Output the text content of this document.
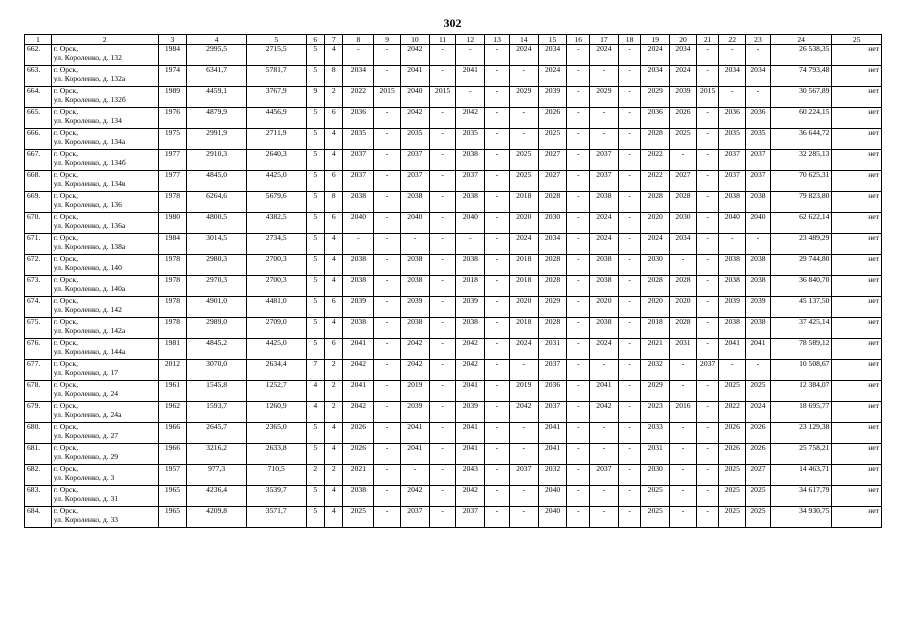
302
1	2	3	4	5	6	7	8	9	10	11	12	13	14	15	16	17	18	19	20	21	22	23	24	25
662.	г. Орск,
ул. Короленко, д. 132	1984	2995,5	2715,5	5	4	-	-	2042	-	-	-	2024	2034	-	2024	-	2024	2034	-	-	-	26 538,35	нет
663.	г. Орск,
ул. Короленко, д. 132а	1974	6341,7	5781,7	5	8	2034	-	2041	-	2041	-	-	2024	-	-	-	2034	2024	-	2034	2034	74 793,48	нет
664.	г. Орск,
ул. Короленко, д. 132б	1989	4459,1	3767,9	9	2	2022	2015	2040	2015	-	-	2029	2039	-	2029	-	2029	2039	2015	-	-	30 567,89	нет
665.	г. Орск,
ул. Короленко, д. 134	1976	4879,9	4456,9	5	6	2036	-	2042	-	2042	-	-	2026	-	-	-	2036	2026	-	2036	2036	60 224,15	нет
666.	г. Орск,
ул. Короленко, д. 134а	1975	2991,9	2711,9	5	4	2035	-	2035	-	2035	-	-	2025	-	-	-	2028	2025	-	2035	2035	36 644,72	нет
667.	г. Орск,
ул. Короленко, д. 134б	1977	2910,3	2640,3	5	4	2037	-	2037	-	2038	-	2025	2027	-	2037	-	2022	-	-	2037	2037	32 285,13	нет
668.	г. Орск,
ул. Короленко, д. 134в	1977	4845,0	4425,0	5	6	2037	-	2037	-	2037	-	2025	2027	-	2037	-	2022	2027	-	2037	2037	70 625,31	нет
669.	г. Орск,
ул. Короленко, д. 136	1978	6264,6	5679,6	5	8	2038	-	2038	-	2038	-	2018	2028	-	2038	-	2028	2028	-	2038	2038	79 823,80	нет
670.	г. Орск,
ул. Короленко, д. 136а	1980	4800,5	4382,5	5	6	2040	-	2040	-	2040	-	2020	2030	-	2024	-	2020	2030	-	2040	2040	62 622,14	нет
671.	г. Орск,
ул. Короленко, д. 138а	1984	3014,5	2734,5	5	4	-	-	-	-	-	-	2024	2034	-	2024	-	2024	2034	-	-	-	23 489,29	нет
672.	г. Орск,
ул. Короленко, д. 140	1978	2980,3	2700,3	5	4	2038	-	2038	-	2038	-	2018	2028	-	2038	-	2030	-	-	2038	2038	29 744,80	нет
673.	г. Орск,
ул. Короленко, д. 140а	1978	2970,3	2700,3	5	4	2038	-	2038	-	2018	-	2018	2028	-	2038	-	2028	2028	-	2038	2038	36 840,70	нет
674.	г. Орск,
ул. Короленко, д. 142	1978	4901,0	4481,0	5	6	2039	-	2039	-	2039	-	2020	2029	-	2020	-	2020	2020	-	2039	2039	45 137,50	нет
675.	г. Орск,
ул. Короленко, д. 142а	1978	2989,0	2709,0	5	4	2038	-	2038	-	2038	-	2018	2028	-	2038	-	2018	2028	-	2038	2038	37 425,14	нет
676.	г. Орск,
ул. Короленко, д. 144а	1981	4845,2	4425,0	5	6	2041	-	2042	-	2042	-	2024	2031	-	2024	-	2021	2031	-	2041	2041	78 589,12	нет
677.	г. Орск,
ул. Короленко, д. 17	2012	3070,0	2634,4	7	2	2042	-	2042	-	2042	-	-	2037	-	-	-	2032	-	2037	-	-	10 508,67	нет
678.	г. Орск,
ул. Короленко, д. 24	1961	1545,8	1252,7	4	2	2041	-	2019	-	2041	-	2019	2036	-	2041	-	2029	-	-	2025	2025	12 384,07	нет
679.	г. Орск,
ул. Короленко, д. 24а	1962	1593,7	1260,9	4	2	2042	-	2039	-	2039	-	2042	2037	-	2042	-	2023	2016	-	2022	2024	18 695,77	нет
680.	г. Орск,
ул. Короленко, д. 27	1966	2645,7	2365,0	5	4	2026	-	2041	-	2041	-	-	2041	-	-	-	2033	-	-	2026	2026	23 129,38	нет
681.	г. Орск,
ул. Короленко, д. 29	1966	3216,2	2633,8	5	4	2026	-	2041	-	2041	-	-	2041	-	-	-	2031	-	-	2026	2026	25 758,21	нет
682.	г. Орск,
ул. Короленко, д. 3	1957	977,3	710,5	2	2	2021	-	-	-	2043	-	2037	2032	-	2037	-	2030	-	-	2025	2027	14 463,71	нет
683.	г. Орск,
ул. Короленко, д. 31	1965	4236,4	3539,7	5	4	2038	-	2042	-	2042	-	-	2040	-	-	-	2025	-	-	2025	2025	34 617,79	нет
684.	г. Орск,
ул. Короленко, д. 33	1965	4209,8	3571,7	5	4	2025	-	2037	-	2037	-	-	2040	-	-	-	2025	-	-	2025	2025	34 930,75	нет
